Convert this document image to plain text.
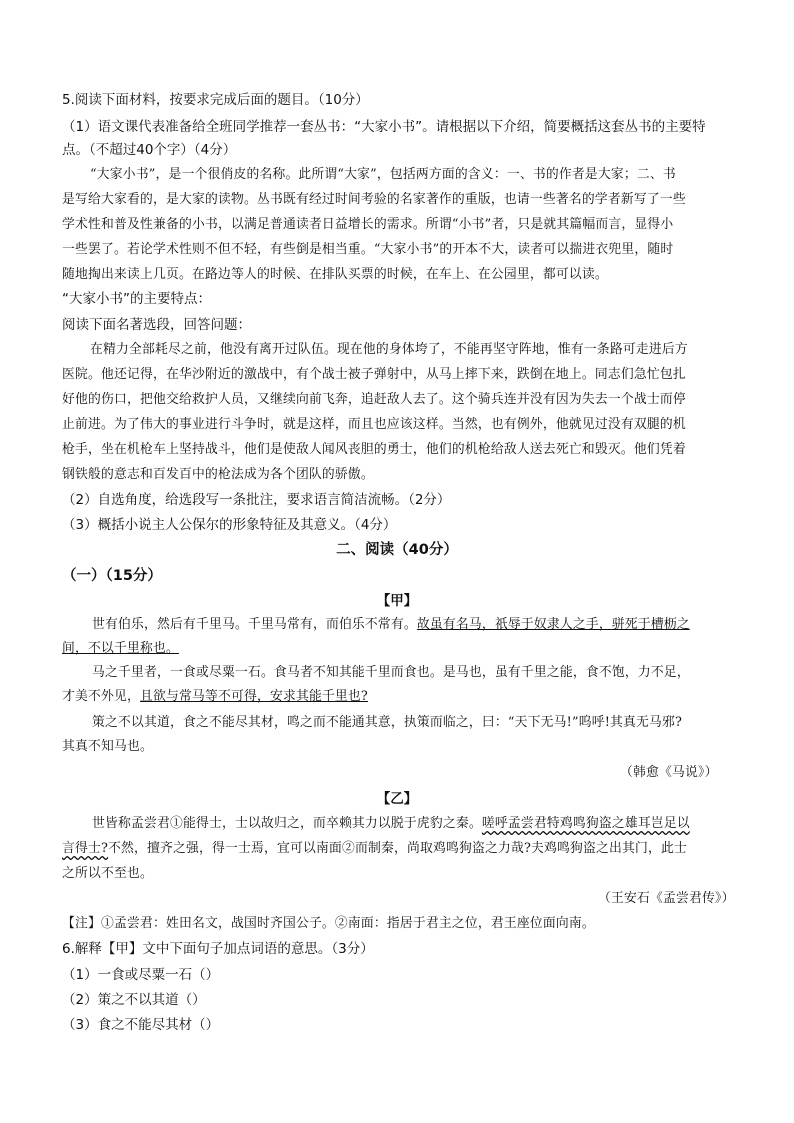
5.阅读下面材料，按要求完成后面的题目。（10分）
（1）语文课代表准备给全班同学推荐一套丛书：“大家小书”。请根据以下介绍，简要概括这套丛书的主要特
点。（不超过40个字）（4分）
“大家小书”，是一个很俏皮的名称。此所谓“大家”，包括两方面的含义：一、书的作者是大家；二、书
是写给大家看的，是大家的读物。丛书既有经过时间考验的名家著作的重版，也请一些著名的学者新写了一些
学术性和普及性兼备的小书，以满足普通读者日益增长的需求。所谓“小书”者，只是就其篇幅而言，显得小
一些罢了。若论学术性则不但不轻，有些倒是相当重。“大家小书”的开本不大，读者可以揣进衣兜里，随时
随地掏出来读上几页。在路边等人的时候、在排队买票的时候，在车上、在公园里，都可以读。
“大家小书”的主要特点：
阅读下面名著选段，回答问题：
在精力全部耗尽之前，他没有离开过队伍。现在他的身体垮了，不能再坚守阵地，惟有一条路可走进后方
医院。他还记得，在华沙附近的激战中，有个战士被子弹射中，从马上摔下来，跌倒在地上。同志们急忙包扎
好他的伤口，把他交给救护人员，又继续向前飞奔，追赶敌人去了。这个骑兵连并没有因为失去一个战士而停
止前进。为了伟大的事业进行斗争时，就是这样，而且也应该这样。当然，也有例外，他就见过没有双腿的机
枪手，坐在机枪车上坚持战斗，他们是使敌人闻风丧胆的勇士，他们的机枪给敌人送去死亡和毁灭。他们凭着
钢铁般的意志和百发百中的枪法成为各个团队的骄傲。
（2）自选角度，给选段写一条批注，要求语言简洁流畅。（2分）
（3）概括小说主人公保尔的形象特征及其意义。（4分）
二、阅读（40分）
（一）（15分）
【甲】
世有伯乐，然后有千里马。千里马常有，而伯乐不常有。故虽有名马，祇辱于奴隶人之手，骈死于槽枥之
间，不以千里称也。
马之千里者，一食或尽粟一石。食马者不知其能千里而食也。是马也，虽有千里之能，食不饱，力不足，
才美不外见，且欲与常马等不可得，安求其能千里也?
策之不以其道，食之不能尽其材，鸣之而不能通其意，执策而临之，曰：“天下无马!”呜呼!其真无马邪?
其真不知马也。
（韩愈《马说》）
【乙】
世皆称孟尝君①能得士，士以故归之，而卒赖其力以脱于虎豹之秦。嗟呼孟尝君特鸡鸣狗盗之雄耳岂足以
言得士?不然，擅齐之强，得一士焉，宜可以南面②而制秦，尚取鸡鸣狗盗之力哉?夫鸡鸣狗盗之出其门，此士
之所以不至也。
（王安石《孟尝君传》）
【注】①孟尝君：姓田名文，战国时齐国公子。②南面：指居于君主之位，君王座位面向南。
6.解释【甲】文中下面句子加点词语的意思。（3分）
（1）一食或尽粟一石（）
（2）策之不以其道（）
（3）食之不能尽其材（）
